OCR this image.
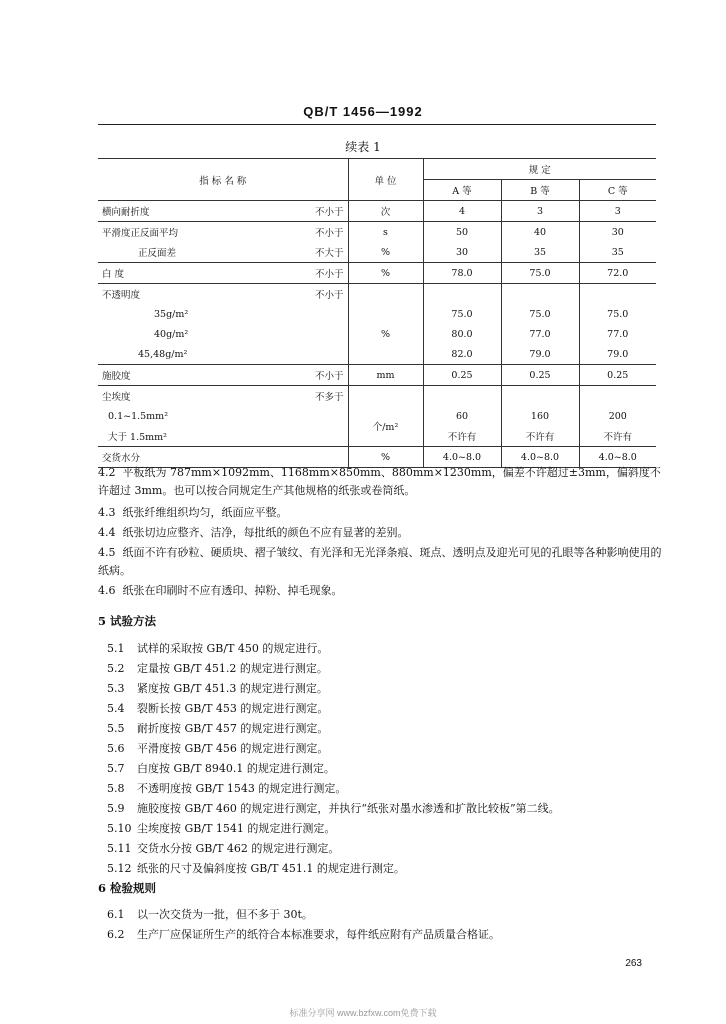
QB/T 1456—1992
续表 1
指 标 名 称		单 位	规 定		
			A 等	B 等	C 等
横向耐折度	不小于	次	4	3	3
平滑度正反面平均	不小于	s	50	40	30
正反面差	不大于	%	30	35	35
白 度	不小于	%	78.0	75.0	72.0
不透明度	不小于				
35g/m²			75.0	75.0	75.0
40g/m²		%	80.0	77.0	77.0
45,48g/m²			82.0	79.0	79.0
施胶度	不小于	mm	0.25	0.25	0.25
尘埃度	不多于				
0.1~1.5mm²		个/m²	60	160	200
大于 1.5mm²			不许有	不许有	不许有
交货水分		%	4.0~8.0	4.0~8.0	4.0~8.0
4.2 平板纸为 787mm×1092mm、1168mm×850mm、880mm×1230mm，偏差不许超过±3mm，偏斜度不许超过 3mm。也可以按合同规定生产其他规格的纸张或卷筒纸。
4.3 纸张纤维组织均匀，纸面应平整。
4.4 纸张切边应整齐、洁净，每批纸的颜色不应有显著的差别。
4.5 纸面不许有砂粒、硬质块、褶子皱纹、有光泽和无光泽条痕、斑点、透明点及迎光可见的孔眼等各种影响使用的纸病。
4.6 纸张在印刷时不应有透印、掉粉、掉毛现象。
5 试验方法
5.1 试样的采取按 GB/T 450 的规定进行。
5.2 定量按 GB/T 451.2 的规定进行测定。
5.3 紧度按 GB/T 451.3 的规定进行测定。
5.4 裂断长按 GB/T 453 的规定进行测定。
5.5 耐折度按 GB/T 457 的规定进行测定。
5.6 平滑度按 GB/T 456 的规定进行测定。
5.7 白度按 GB/T 8940.1 的规定进行测定。
5.8 不透明度按 GB/T 1543 的规定进行测定。
5.9 施胶度按 GB/T 460 的规定进行测定，并执行“纸张对墨水渗透和扩散比较板”第二线。
5.10 尘埃度按 GB/T 1541 的规定进行测定。
5.11 交货水分按 GB/T 462 的规定进行测定。
5.12 纸张的尺寸及偏斜度按 GB/T 451.1 的规定进行测定。
6 检验规则
6.1 以一次交货为一批，但不多于 30t。
6.2 生产厂应保证所生产的纸符合本标准要求，每件纸应附有产品质量合格证。
263
标准分享网 www.bzfxw.com免费下载
